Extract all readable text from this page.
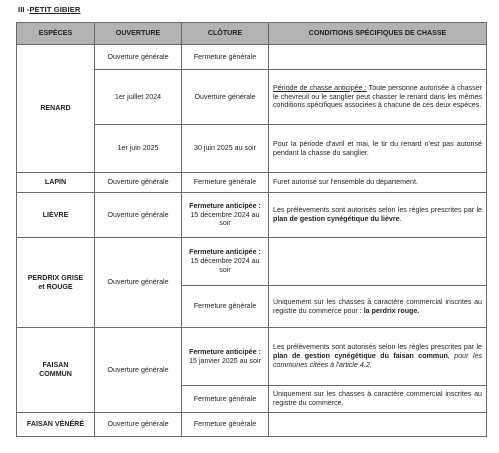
III -PETIT GIBIER
ESPÈCES	OUVERTURE	CLÔTURE	CONDITIONS SPÉCIFIQUES DE CHASSE
RENARD	Ouverture générale	Fermeture générale	
	1er juillet 2024	Ouverture générale	Période de chasse anticipée : Toute personne autorisée à chasser le chevreuil ou le sanglier peut chasser le renard dans les mêmes conditions spécifiques associées à chacune de ces deux espèces.
	1er juin 2025	30 juin 2025 au soir	Pour la période d'avril et mai, le tir du renard n'est pas autorisé pendant la chasse du sanglier.
LAPIN	Ouverture générale	Fermeture générale	Furet autorisé sur l'ensemble du département.
LIÈVRE	Ouverture générale	Fermeture anticipée :
15 décembre 2024 au soir	Les prélèvements sont autorisés selon les règles prescrites par le plan de gestion cynégétique du lièvre.
PERDRIX GRISE
et ROUGE	Ouverture générale	Fermeture anticipée :
15 décembre 2024 au soir	
		Fermeture générale	Uniquement sur les chasses à caractère commercial inscrites au registre du commerce pour : la perdrix rouge.
FAISAN
COMMUN	Ouverture générale	Fermeture anticipée :
15 janvier 2025 au soir	Les prélèvements sont autorisés selon les règles prescrites par le plan de gestion cynégétique du faisan commun, pour les communes citées à l'article 4.2.
		Fermeture générale	Uniquement sur les chasses à caractère commercial inscrites au registre du commerce.
FAISAN VÉNÉRÉ	Ouverture générale	Fermeture générale	
